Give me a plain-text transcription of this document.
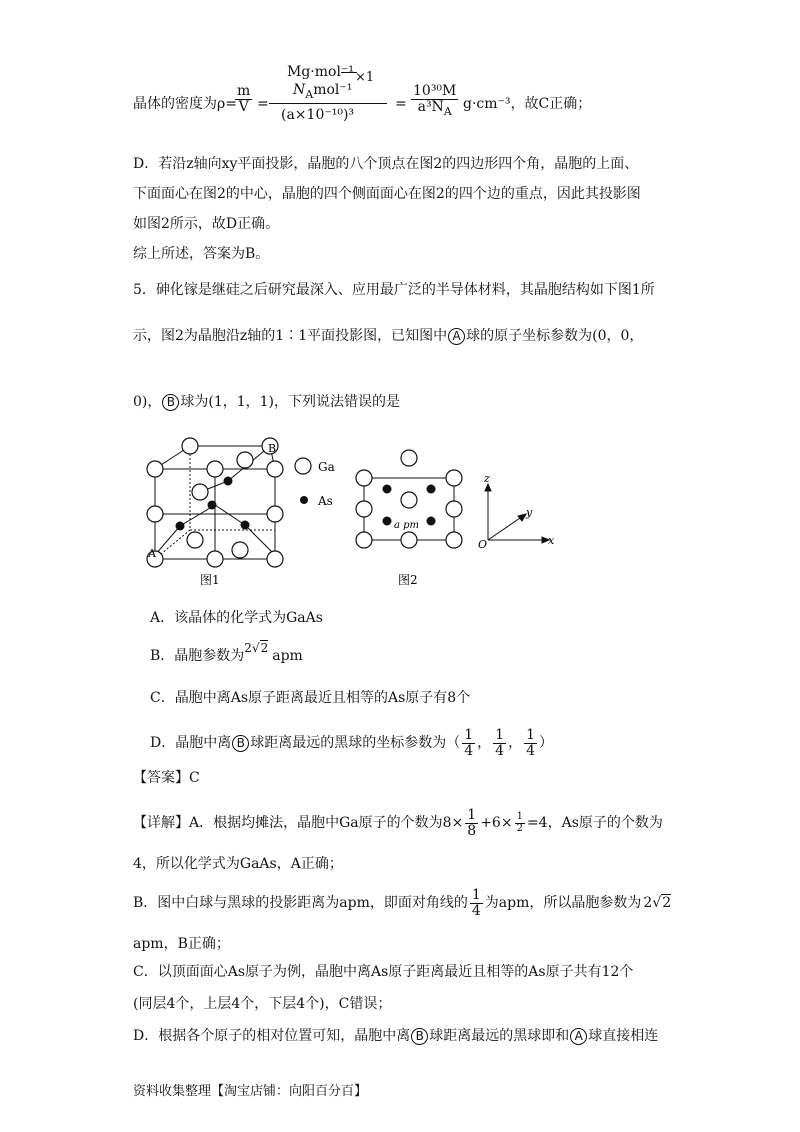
晶体的密度为ρ=
$\frac{m}{V}$ =
Mg·mol⁻¹ ×1
$N_Amol^{-1}$
(a×10⁻¹⁰)³
= $\frac{\text{10³⁰M}}{a^3N_A} g\cdot cm^{-3}$，故C正确；
D．若沿z轴向xy平面投影，晶胞的八个顶点在图2的四边形四个角，晶胞的上面、
下面面心在图2的中心，晶胞的四个侧面面心在图2的四个边的重点，因此其投影图
如图2所示，故D正确。
综上所述，答案为B。
5．砷化镓是继硅之后研究最深入、应用最广泛的半导体材料，其晶胞结构如下图1所
示，图2为晶胞沿z轴的1∶1平面投影图，已知图中 A 球的原子坐标参数为(0，0，
0)， B 球为(1，1，1)，下列说法错误的是
A
B
图1
Ga
As
a pm
图2
z
y
x
O
A．该晶体的化学式为GaAs
B．晶胞参数为2√2 apm
C．晶胞中离As原子距离最近且相等的As原子有8个
D．晶胞中离 B 球距离最远的黑球的坐标参数为（ $\frac{1}{4}$ ， $\frac{1}{4}$ ， $\frac{1}{4}$ ）
【答案】C
【详解】A．根据均摊法，晶胞中Ga原子的个数为$8\times \frac{1}{8} +6\times \frac{1}{2} =4$，As原子的个数为
4，所以化学式为GaAs，A正确；
B．图中白球与黑球的投影距离为apm，即面对角线的 $\frac{1}{4}$ 为apm，所以晶胞参数为 2√2
apm，B正确；
C．以顶面面心As原子为例，晶胞中离As原子距离最近且相等的As原子共有12个
(同层4个，上层4个，下层4个)，C错误；
D．根据各个原子的相对位置可知，晶胞中离 B 球距离最远的黑球即和 A 球直接相连
资料收集整理【淘宝店铺：向阳百分百】
